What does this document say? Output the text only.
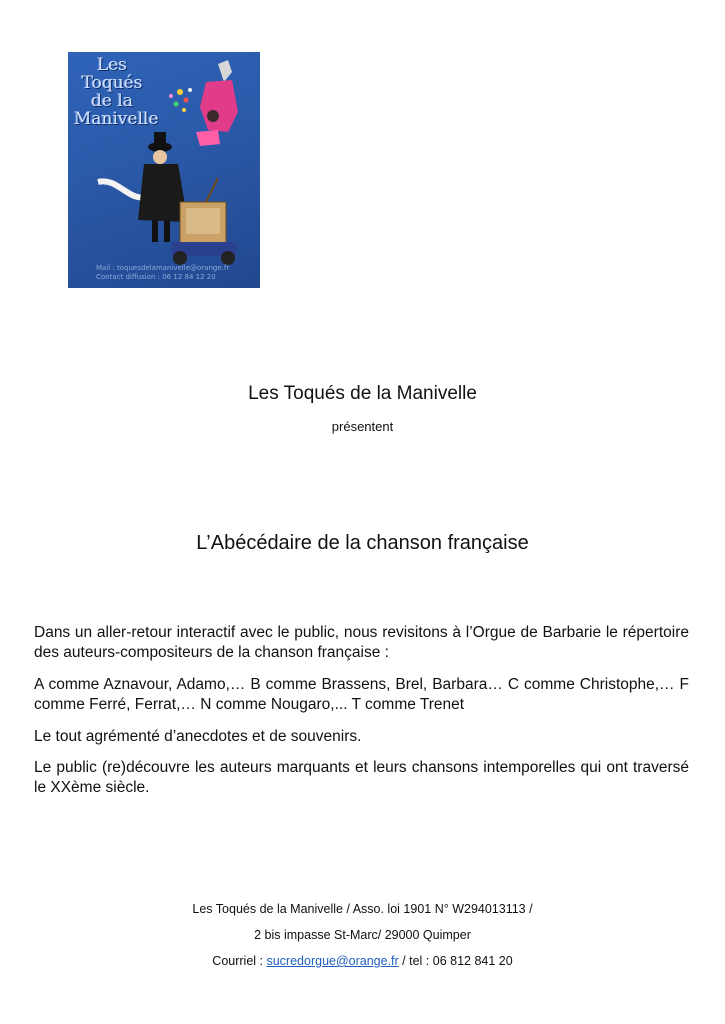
Les
Toqués
de la
Manivelle
Mail : toquesdelamanivelle@orange.fr
Contact diffusion : 06 12 84 12 20
Les Toqués de la Manivelle
présentent
L’Abécédaire de la chanson française
Dans un aller-retour interactif avec le public, nous revisitons à l’Orgue de Barbarie le répertoire des auteurs-compositeurs de la chanson française :
A comme Aznavour, Adamo,… B comme Brassens, Brel, Barbara… C comme Christophe,… F comme Ferré, Ferrat,… N comme Nougaro,... T comme Trenet
Le tout agrémenté d’anecdotes et de souvenirs.
Le public (re)découvre les auteurs marquants et leurs chansons intemporelles qui ont traversé le XXème siècle.
Les Toqués de la Manivelle / Asso. loi 1901 N° W294013113 /
2 bis impasse St-Marc/ 29000 Quimper
Courriel : sucredorgue@orange.fr / tel : 06 812 841 20
